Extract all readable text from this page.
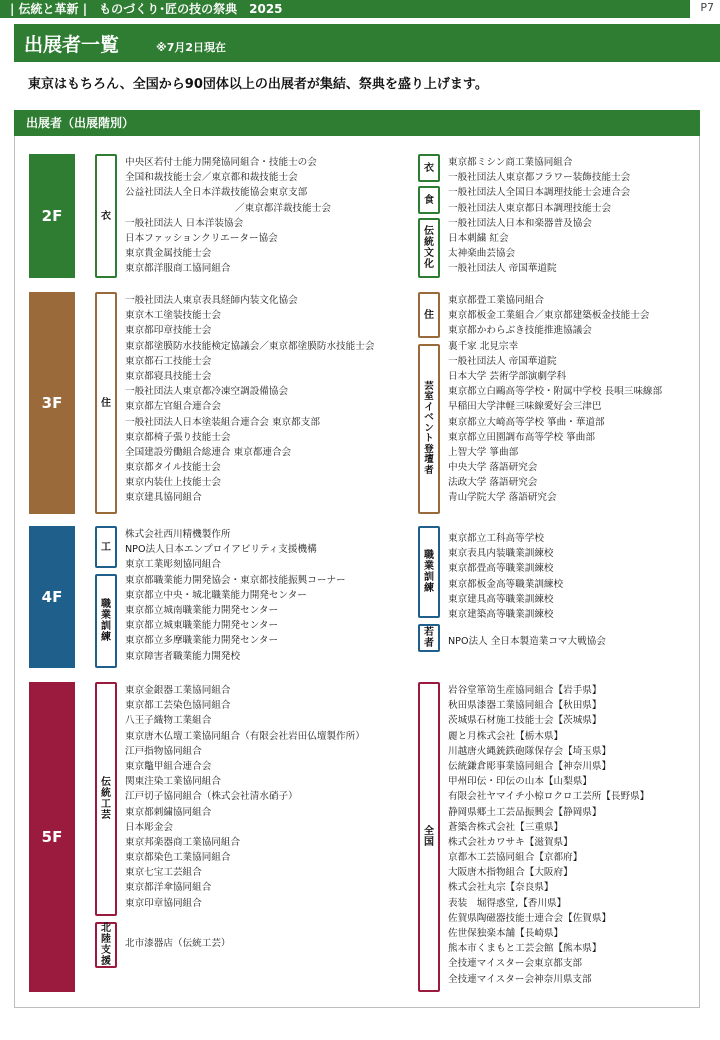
| 伝統と革新 |　ものづくり･匠の技の祭典　2025	P7
出展者一覧	※7月2日現在
東京はもちろん、全国から90団体以上の出展者が集結、祭典を盛り上げます。
出展者（出展階別）
2F	衣
中央区若付士能力開発協同組合・技能士の会
全国和裁技能士会／東京都和裁技能士会
公益社団法人全日本洋裁技能協会東京支部
／東京都洋裁技能士会
一般社団法人 日本洋装協会
日本ファッションクリエーター協会
東京貴金属技能士会
東京都洋服商工協同組合
衣
食
伝統文化
東京都ミシン商工業協同組合
一般社団法人東京都フラワー装飾技能士会
一般社団法人全国日本調理技能士会連合会
一般社団法人東京都日本調理技能士会
一般社団法人日本和楽器普及協会
日本刺繍 紅会
太神楽曲芸協会
一般社団法人 帝国華道院
3F	住
一般社団法人東京表具経師内装文化協会
東京木工塗装技能士会
東京都印章技能士会
東京都塗膜防水技能検定協議会／東京都塗膜防水技能士会
東京都石工技能士会
東京都寝具技能士会
一般社団法人東京都冷凍空調設備協会
東京都左官組合連合会
一般社団法人日本塗装組合連合会 東京都支部
東京都椅子張り技能士会
全国建設労働組合総連合 東京都連合会
東京都タイル技能士会
東京内装仕上技能士会
東京建具協同組合
住
芸室イベント登壇者
東京都畳工業協同組合
東京都板金工業組合／東京都建築板金技能士会
東京都かわらぶき技能推進協議会
裏千家 北見宗幸
一般社団法人 帝国華道院
日本大学 芸術学部演劇学科
東京都立白鷗高等学校・附属中学校 長唄三味線部
早稲田大学津軽三味線愛好会三津巴
東京都立大崎高等学校 箏曲・華道部
東京都立田園調布高等学校 箏曲部
上智大学 箏曲部
中央大学 落語研究会
法政大学 落語研究会
青山学院大学 落語研究会
4F
工
職業訓練
株式会社西川精機製作所
NPO法人日本エンプロイアビリティ支援機構
東京工業彫刻協同組合
東京都職業能力開発協会・東京都技能振興コーナー
東京都立中央・城北職業能力開発センター
東京都立城南職業能力開発センター
東京都立城東職業能力開発センター
東京都立多摩職業能力開発センター
東京障害者職業能力開発校
職業訓練
若者
東京都立工科高等学校
東京表具内装職業訓練校
東京都畳高等職業訓練校
東京都板金高等職業訓練校
東京建具高等職業訓練校
東京建築高等職業訓練校
NPO法人 全日本製造業コマ大戦協会
5F
伝統工芸
北陸支援
東京金銀器工業協同組合
東京都工芸染色協同組合
八王子織物工業組合
東京唐木仏壇工業協同組合（有限会社岩田仏壇製作所）
江戸指物協同組合
東京鼈甲組合連合会
関東注染工業協同組合
江戸切子協同組合（株式会社清水硝子）
東京都刺繍協同組合
日本彫金会
東京邦楽器商工業協同組合
東京都染色工業協同組合
東京七宝工芸組合
東京都洋傘協同組合
東京印章協同組合
北市漆器店（伝統工芸）
全国
岩谷堂箪笥生産協同組合【岩手県】
秋田県漆器工業協同組合【秋田県】
茨城県石材施工技能士会【茨城県】
麗と月株式会社【栃木県】
川越唐火縄銃鉄砲隊保存会【埼玉県】
伝統鎌倉彫事業協同組合【神奈川県】
甲州印伝・印伝の山本【山梨県】
有限会社ヤマイチ小椋ロクロ工芸所【長野県】
静岡県郷土工芸品振興会【静岡県】
蒼築舎株式会社【三重県】
株式会社カワサキ【滋賀県】
京都木工芸協同組合【京都府】
大阪唐木指物組合【大阪府】
株式会社丸宗【奈良県】
表装　堀得惑堂,【香川県】
佐賀県陶磁器技能士連合会【佐賀県】
佐世保独楽本舗【長崎県】
熊本市くまもと工芸会館【熊本県】
全技連マイスター会東京都支部
全技連マイスター会神奈川県支部
